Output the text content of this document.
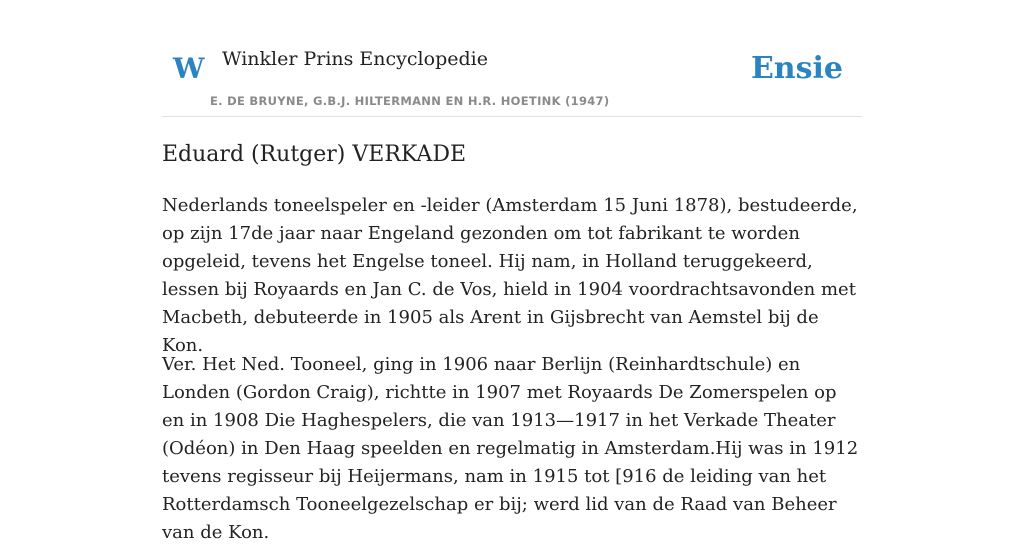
W Winkler Prins Encyclopedie
E. DE BRUYNE, G.B.J. HILTERMANN EN H.R. HOETINK (1947)
Ensie
Eduard (Rutger) VERKADE

Nederlands toneelspeler en -leider (Amsterdam 15 Juni 1878), bestudeerde, op zijn 17de jaar naar Engeland gezonden om tot fabrikant te worden opgeleid, tevens het Engelse toneel. Hij nam, in Holland teruggekeerd, lessen bij Royaards en Jan C. de Vos, hield in 1904 voordrachtsavonden met Macbeth, debuteerde in 1905 als Arent in Gijsbrecht van Aemstel bij de Kon.

Ver. Het Ned. Tooneel, ging in 1906 naar Berlijn (Reinhardtschule) en Londen (Gordon Craig), richtte in 1907 met Royaards De Zomerspelen op en in 1908 Die Haghespelers, die van 1913—1917 in het Verkade Theater (Odéon) in Den Haag speelden en regelmatig in Amsterdam.Hij was in 1912 tevens regisseur bij Heijermans, nam in 1915 tot [916 de leiding van het Rotterdamsch Tooneelgezelschap er bij; werd lid van de Raad van Beheer van de Kon.
